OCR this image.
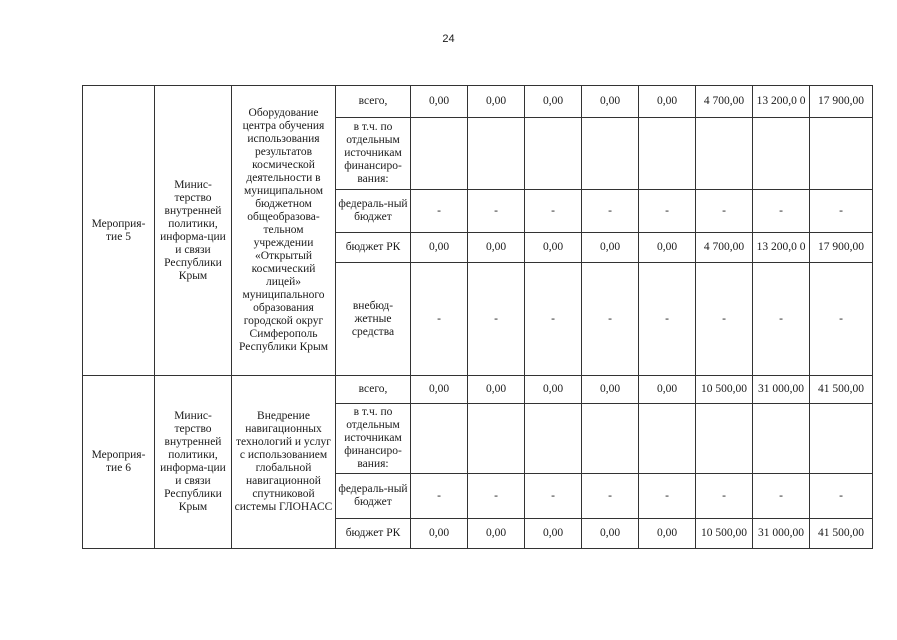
24
Мероприя-тие 5	Минис-терство внутренней политики, информа-ции и связи Республики Крым	Оборудование центра обучения использования результатов космической деятельности в муниципальном бюджетном общеобразова-тельном учреждении «Открытый космический лицей» муниципального образования городской округ Симферополь Республики Крым	всего,	0,00	0,00	0,00	0,00	0,00	4 700,00	13 200,0 0	17 900,00
			в т.ч. по отдельным источникам финансиро-вания:								
			федераль-ный бюджет	-	-	-	-	-	-	-	-
			бюджет РК	0,00	0,00	0,00	0,00	0,00	4 700,00	13 200,0 0	17 900,00
			внебюд-жетные средства	-	-	-	-	-	-	-	-
Мероприя-тие 6	Минис-терство внутренней политики, информа-ции и связи Республики Крым	Внедрение навигационных технологий и услуг с использованием глобальной навигационной спутниковой системы ГЛОНАСС	всего,	0,00	0,00	0,00	0,00	0,00	10 500,00	31 000,00	41 500,00
			в т.ч. по отдельным источникам финансиро-вания:								
			федераль-ный бюджет	-	-	-	-	-	-	-	-
			бюджет РК	0,00	0,00	0,00	0,00	0,00	10 500,00	31 000,00	41 500,00
